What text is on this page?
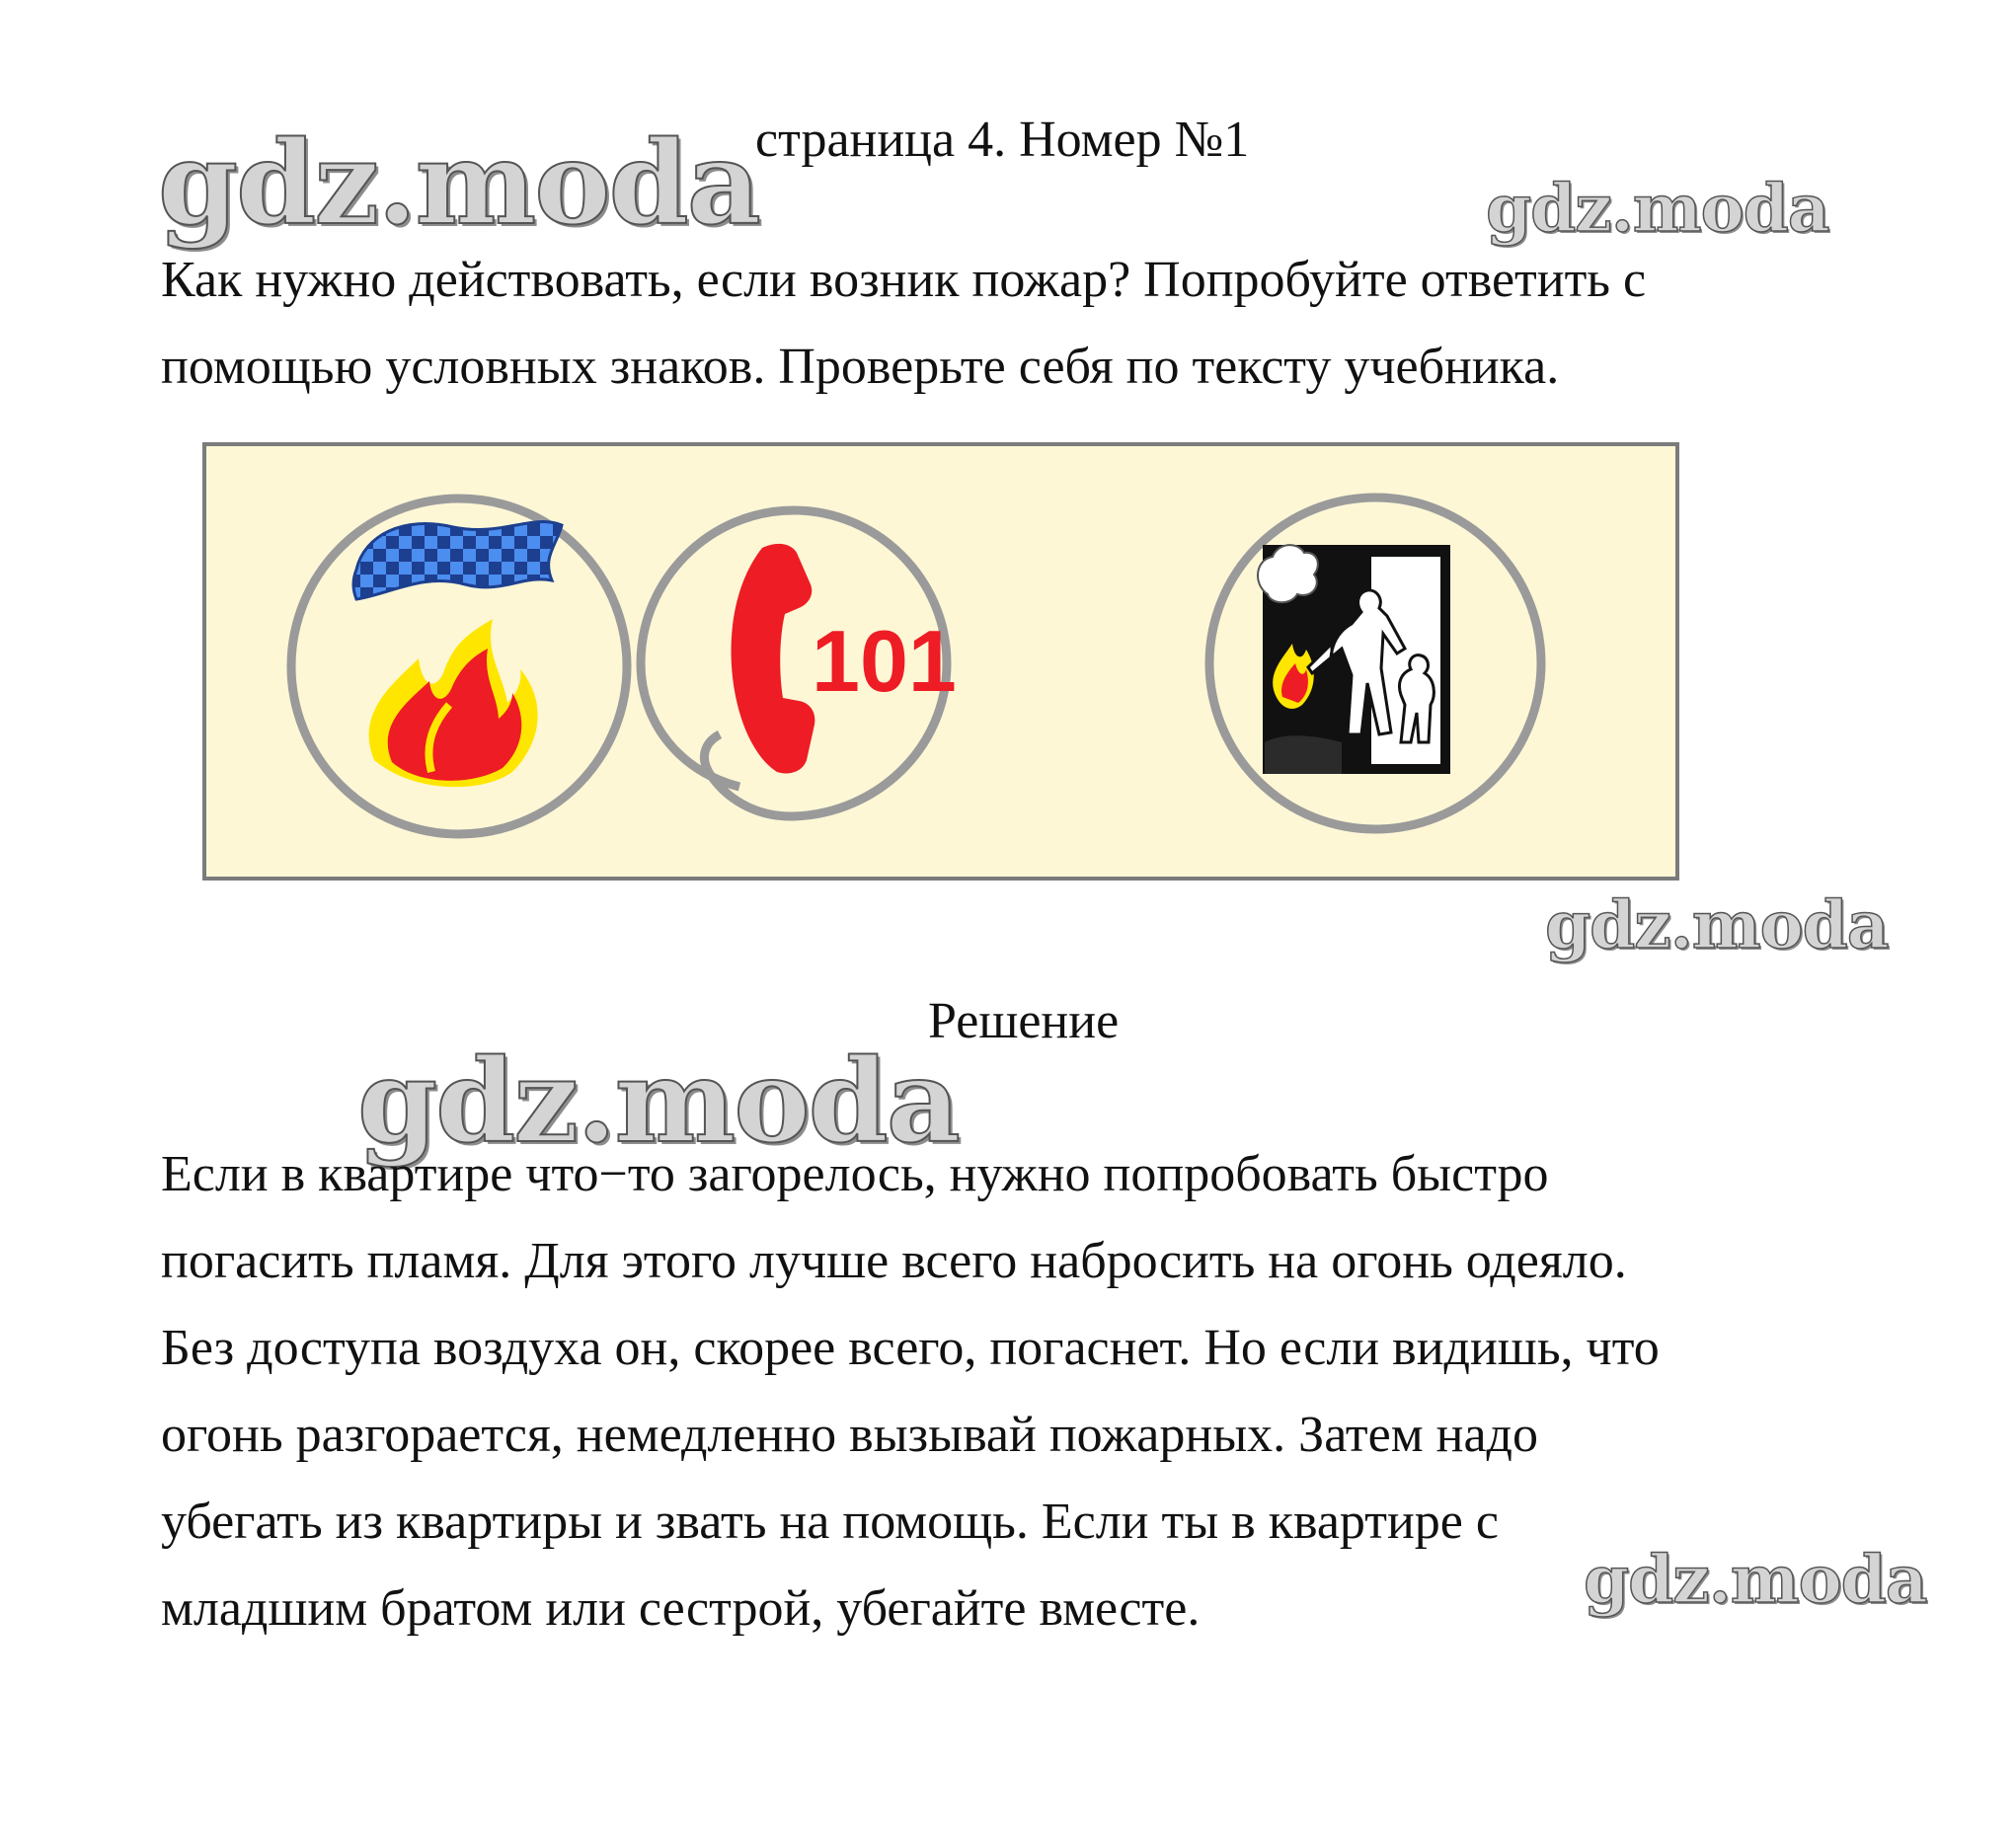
gdz.moda	gdz.moda
gdz.moda
gdz.moda
gdz.moda
страница 4. Номер №1
Как нужно действовать, если возник пожар? Попробуйте ответить с
помощью условных знаков. Проверьте себя по тексту учебника.
101
Решение
Если в квартире что−то загорелось, нужно попробовать быстро
погасить пламя. Для этого лучше всего набросить на огонь одеяло.
Без доступа воздуха он, скорее всего, погаснет. Но если видишь, что
огонь разгорается, немедленно вызывай пожарных. Затем надо
убегать из квартиры и звать на помощь. Если ты в квартире с
младшим братом или сестрой, убегайте вместе.
